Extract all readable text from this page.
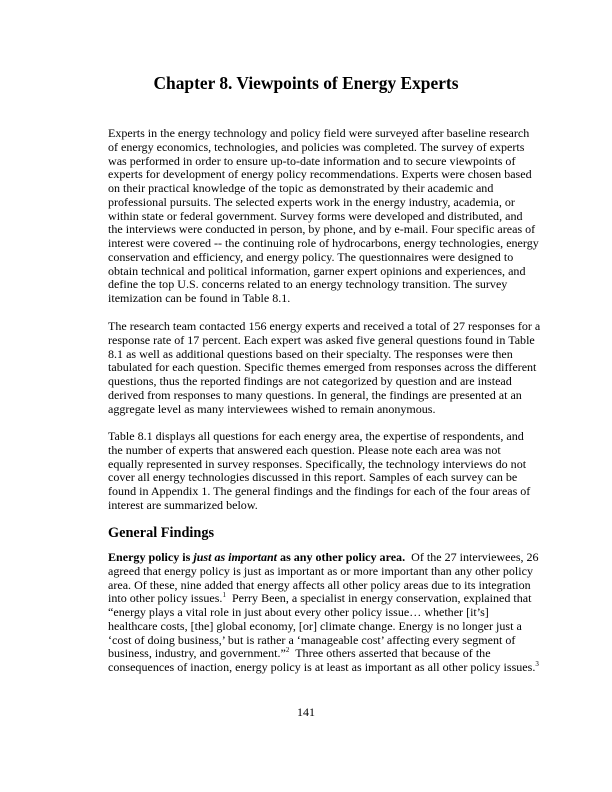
Chapter 8. Viewpoints of Energy Experts

Experts in the energy technology and policy field were surveyed after baseline research
of energy economics, technologies, and policies was completed. The survey of experts
was performed in order to ensure up-to-date information and to secure viewpoints of
experts for development of energy policy recommendations. Experts were chosen based
on their practical knowledge of the topic as demonstrated by their academic and
professional pursuits. The selected experts work in the energy industry, academia, or
within state or federal government. Survey forms were developed and distributed, and
the interviews were conducted in person, by phone, and by e-mail. Four specific areas of
interest were covered -- the continuing role of hydrocarbons, energy technologies, energy
conservation and efficiency, and energy policy. The questionnaires were designed to
obtain technical and political information, garner expert opinions and experiences, and
define the top U.S. concerns related to an energy technology transition. The survey
itemization can be found in Table 8.1.

The research team contacted 156 energy experts and received a total of 27 responses for a
response rate of 17 percent. Each expert was asked five general questions found in Table
8.1 as well as additional questions based on their specialty. The responses were then
tabulated for each question. Specific themes emerged from responses across the different
questions, thus the reported findings are not categorized by question and are instead
derived from responses to many questions. In general, the findings are presented at an
aggregate level as many interviewees wished to remain anonymous.

Table 8.1 displays all questions for each energy area, the expertise of respondents, and
the number of experts that answered each question. Please note each area was not
equally represented in survey responses. Specifically, the technology interviews do not
cover all energy technologies discussed in this report. Samples of each survey can be
found in Appendix 1. The general findings and the findings for each of the four areas of
interest are summarized below.

General Findings

Energy policy is just as important as any other policy area.  Of the 27 interviewees, 26
agreed that energy policy is just as important as or more important than any other policy
area. Of these, nine added that energy affects all other policy areas due to its integration
into other policy issues.$^1$  Perry Been, a specialist in energy conservation, explained that
“energy plays a vital role in just about every other policy issue… whether [it’s]
healthcare costs, [the] global economy, [or] climate change. Energy is no longer just a
‘cost of doing business,’ but is rather a ‘manageable cost’ affecting every segment of
business, industry, and government.”$^2$  Three others asserted that because of the
consequences of inaction, energy policy is at least as important as all other policy issues.$^3$

141
